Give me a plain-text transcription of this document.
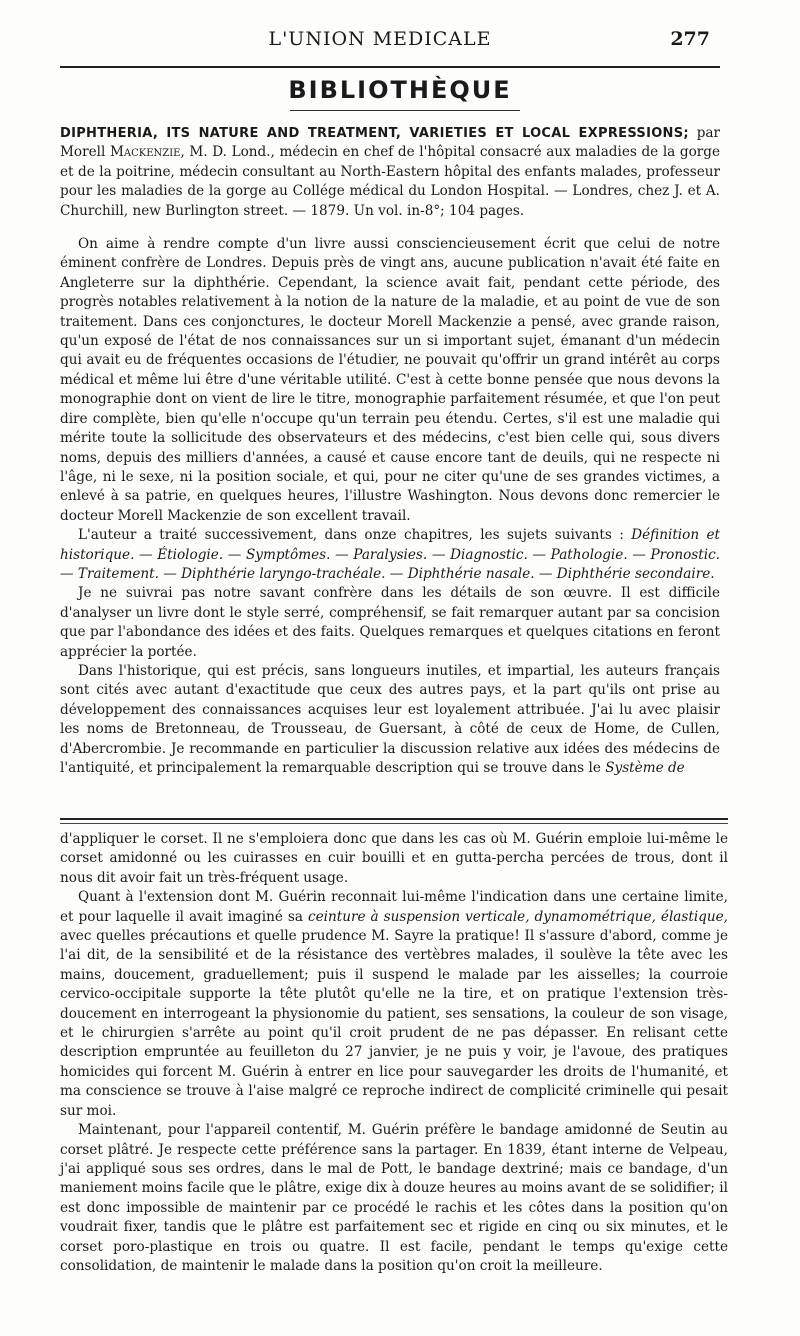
L'UNION MEDICALE	277
BIBLIOTHÈQUE

DIPHTHERIA, ITS NATURE AND TREATMENT, VARIETIES ET LOCAL EXPRESSIONS; par Morell Mackenzie, M. D. Lond., médecin en chef de l'hôpital consacré aux maladies de la gorge et de la poitrine, médecin consultant au North-Eastern hôpital des enfants malades, professeur pour les maladies de la gorge au Collége médical du London Hospital. — Londres, chez J. et A. Churchill, new Burlington street. — 1879. Un vol. in-8°; 104 pages.

On aime à rendre compte d'un livre aussi consciencieusement écrit que celui de notre éminent confrère de Londres. Depuis près de vingt ans, aucune publication n'avait été faite en Angleterre sur la diphthérie. Cependant, la science avait fait, pendant cette période, des progrès notables relativement à la notion de la nature de la maladie, et au point de vue de son traitement. Dans ces conjonctures, le docteur Morell Mackenzie a pensé, avec grande raison, qu'un exposé de l'état de nos connaissances sur un si important sujet, émanant d'un médecin qui avait eu de fréquentes occasions de l'étudier, ne pouvait qu'offrir un grand intérêt au corps médical et même lui être d'une véritable utilité. C'est à cette bonne pensée que nous devons la monographie dont on vient de lire le titre, monographie parfaitement résumée, et que l'on peut dire complète, bien qu'elle n'occupe qu'un terrain peu étendu. Certes, s'il est une maladie qui mérite toute la sollicitude des observateurs et des médecins, c'est bien celle qui, sous divers noms, depuis des milliers d'années, a causé et cause encore tant de deuils, qui ne respecte ni l'âge, ni le sexe, ni la position sociale, et qui, pour ne citer qu'une de ses grandes victimes, a enlevé à sa patrie, en quelques heures, l'illustre Washington. Nous devons donc remercier le docteur Morell Mackenzie de son excellent travail.

L'auteur a traité successivement, dans onze chapitres, les sujets suivants : Définition et historique. — Étiologie. — Symptômes. — Paralysies. — Diagnostic. — Pathologie. — Pronostic. — Traitement. — Diphthérie laryngo-trachéale. — Diphthérie nasale. — Diphthérie secondaire.

Je ne suivrai pas notre savant confrère dans les détails de son œuvre. Il est difficile d'analyser un livre dont le style serré, compréhensif, se fait remarquer autant par sa concision que par l'abondance des idées et des faits. Quelques remarques et quelques citations en feront apprécier la portée.

Dans l'historique, qui est précis, sans longueurs inutiles, et impartial, les auteurs français sont cités avec autant d'exactitude que ceux des autres pays, et la part qu'ils ont prise au développement des connaissances acquises leur est loyalement attribuée. J'ai lu avec plaisir les noms de Bretonneau, de Trousseau, de Guersant, à côté de ceux de Home, de Cullen, d'Abercrombie. Je recommande en particulier la discussion relative aux idées des médecins de l'antiquité, et principalement la remarquable description qui se trouve dans le Système de

d'appliquer le corset. Il ne s'emploiera donc que dans les cas où M. Guérin emploie lui-même le corset amidonné ou les cuirasses en cuir bouilli et en gutta-percha percées de trous, dont il nous dit avoir fait un très-fréquent usage.

Quant à l'extension dont M. Guérin reconnait lui-même l'indication dans une certaine limite, et pour laquelle il avait imaginé sa ceinture à suspension verticale, dynamométrique, élastique, avec quelles précautions et quelle prudence M. Sayre la pratique! Il s'assure d'abord, comme je l'ai dit, de la sensibilité et de la résistance des vertèbres malades, il soulève la tête avec les mains, doucement, graduellement; puis il suspend le malade par les aisselles; la courroie cervico-occipitale supporte la tête plutôt qu'elle ne la tire, et on pratique l'extension très-doucement en interrogeant la physionomie du patient, ses sensations, la couleur de son visage, et le chirurgien s'arrête au point qu'il croit prudent de ne pas dépasser. En relisant cette description empruntée au feuilleton du 27 janvier, je ne puis y voir, je l'avoue, des pratiques homicides qui forcent M. Guérin à entrer en lice pour sauvegarder les droits de l'humanité, et ma conscience se trouve à l'aise malgré ce reproche indirect de complicité criminelle qui pesait sur moi.

Maintenant, pour l'appareil contentif, M. Guérin préfère le bandage amidonné de Seutin au corset plâtré. Je respecte cette préférence sans la partager. En 1839, étant interne de Velpeau, j'ai appliqué sous ses ordres, dans le mal de Pott, le bandage dextriné; mais ce bandage, d'un maniement moins facile que le plâtre, exige dix à douze heures au moins avant de se solidifier; il est donc impossible de maintenir par ce procédé le rachis et les côtes dans la position qu'on voudrait fixer, tandis que le plâtre est parfaitement sec et rigide en cinq ou six minutes, et le corset poro-plastique en trois ou quatre. Il est facile, pendant le temps qu'exige cette consolidation, de maintenir le malade dans la position qu'on croit la meilleure.
